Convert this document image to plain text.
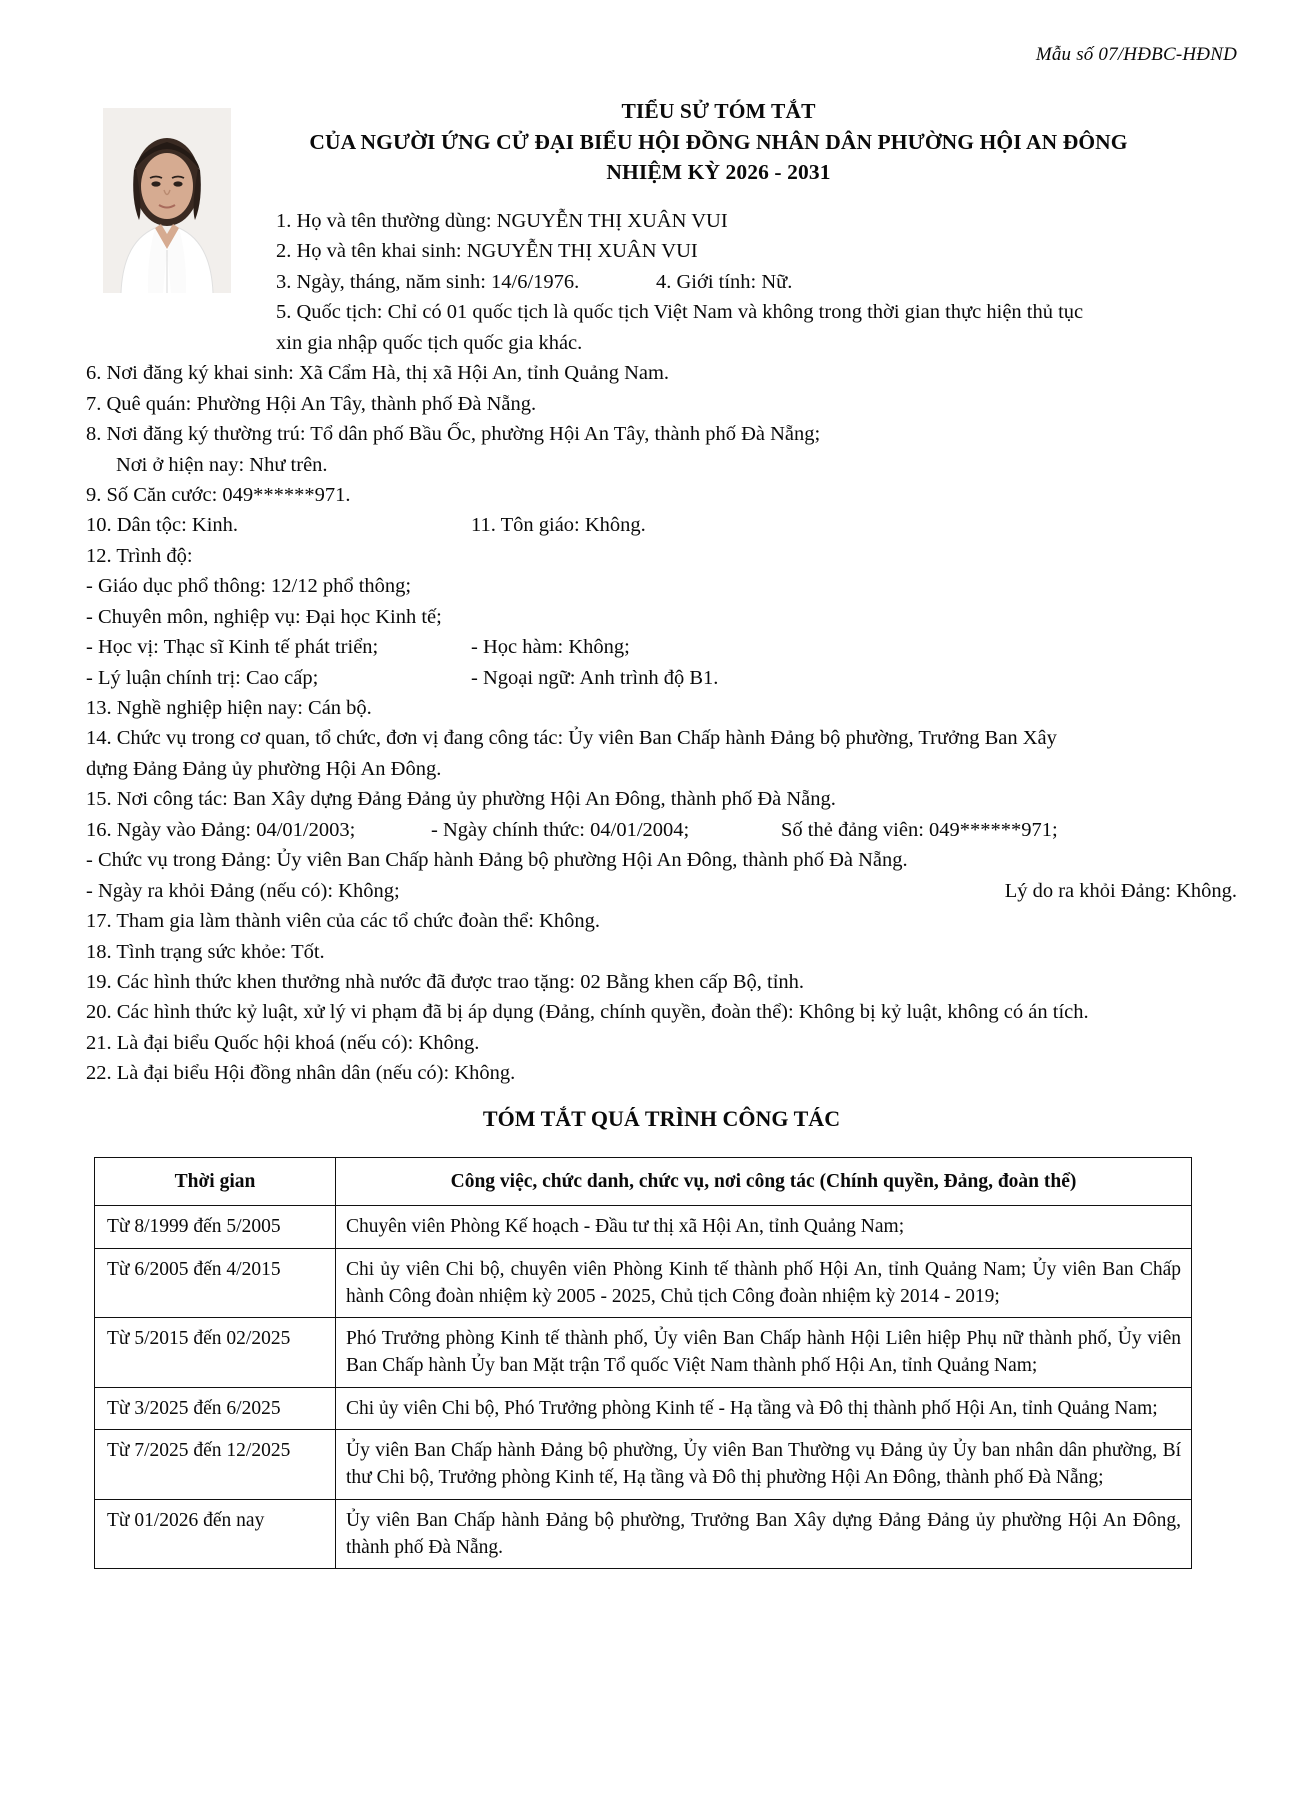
Mẫu số 07/HĐBC-HĐND
TIỂU SỬ TÓM TẮT
CỦA NGƯỜI ỨNG CỬ ĐẠI BIỂU HỘI ĐỒNG NHÂN DÂN PHƯỜNG HỘI AN ĐÔNG
NHIỆM KỲ 2026 - 2031
1. Họ và tên thường dùng: NGUYỄN THỊ XUÂN VUI
2. Họ và tên khai sinh: NGUYỄN THỊ XUÂN VUI
3. Ngày, tháng, năm sinh: 14/6/1976.	4. Giới tính: Nữ.
5. Quốc tịch: Chỉ có 01 quốc tịch là quốc tịch Việt Nam và không trong thời gian thực hiện thủ tục
xin gia nhập quốc tịch quốc gia khác.
6. Nơi đăng ký khai sinh: Xã Cẩm Hà, thị xã Hội An, tỉnh Quảng Nam.
7. Quê quán: Phường Hội An Tây, thành phố Đà Nẵng.
8. Nơi đăng ký thường trú: Tổ dân phố Bầu Ốc, phường Hội An Tây, thành phố Đà Nẵng;
Nơi ở hiện nay: Như trên.
9. Số Căn cước: 049******971.
10. Dân tộc: Kinh.	11. Tôn giáo: Không.
12. Trình độ:
- Giáo dục phổ thông: 12/12 phổ thông;
- Chuyên môn, nghiệp vụ: Đại học Kinh tế;
- Học vị: Thạc sĩ Kinh tế phát triển;	- Học hàm: Không;
- Lý luận chính trị: Cao cấp;	- Ngoại ngữ: Anh trình độ B1.
13. Nghề nghiệp hiện nay: Cán bộ.
14. Chức vụ trong cơ quan, tổ chức, đơn vị đang công tác: Ủy viên Ban Chấp hành Đảng bộ phường, Trưởng Ban Xây
dựng Đảng Đảng ủy phường Hội An Đông.
15. Nơi công tác: Ban Xây dựng Đảng Đảng ủy phường Hội An Đông, thành phố Đà Nẵng.
16. Ngày vào Đảng: 04/01/2003;	- Ngày chính thức: 04/01/2004;	Số thẻ đảng viên: 049******971;
- Chức vụ trong Đảng: Ủy viên Ban Chấp hành Đảng bộ phường Hội An Đông, thành phố Đà Nẵng.
- Ngày ra khỏi Đảng (nếu có): Không;	Lý do ra khỏi Đảng: Không.
17. Tham gia làm thành viên của các tổ chức đoàn thể: Không.
18. Tình trạng sức khỏe: Tốt.
19. Các hình thức khen thưởng nhà nước đã được trao tặng: 02 Bằng khen cấp Bộ, tỉnh.
20. Các hình thức kỷ luật, xử lý vi phạm đã bị áp dụng (Đảng, chính quyền, đoàn thể): Không bị kỷ luật, không có án tích.
21. Là đại biểu Quốc hội khoá (nếu có): Không.
22. Là đại biểu Hội đồng nhân dân (nếu có): Không.
TÓM TẮT QUÁ TRÌNH CÔNG TÁC
Thời gian	Công việc, chức danh, chức vụ, nơi công tác (Chính quyền, Đảng, đoàn thể)
Từ 8/1999 đến 5/2005	Chuyên viên Phòng Kế hoạch - Đầu tư thị xã Hội An, tỉnh Quảng Nam;
Từ 6/2005 đến 4/2015	Chi ủy viên Chi bộ, chuyên viên Phòng Kinh tế thành phố Hội An, tỉnh Quảng Nam; Ủy viên Ban Chấp hành Công đoàn nhiệm kỳ 2005 - 2025, Chủ tịch Công đoàn nhiệm kỳ 2014 - 2019;
Từ 5/2015 đến 02/2025	Phó Trưởng phòng Kinh tế thành phố, Ủy viên Ban Chấp hành Hội Liên hiệp Phụ nữ thành phố, Ủy viên Ban Chấp hành Ủy ban Mặt trận Tổ quốc Việt Nam thành phố Hội An, tỉnh Quảng Nam;
Từ 3/2025 đến 6/2025	Chi ủy viên Chi bộ, Phó Trưởng phòng Kinh tế - Hạ tầng và Đô thị thành phố Hội An, tỉnh Quảng Nam;
Từ 7/2025 đến 12/2025	Ủy viên Ban Chấp hành Đảng bộ phường, Ủy viên Ban Thường vụ Đảng ủy Ủy ban nhân dân phường, Bí thư Chi bộ, Trưởng phòng Kinh tế, Hạ tầng và Đô thị phường Hội An Đông, thành phố Đà Nẵng;
Từ 01/2026 đến nay	Ủy viên Ban Chấp hành Đảng bộ phường, Trưởng Ban Xây dựng Đảng Đảng ủy phường Hội An Đông, thành phố Đà Nẵng.
